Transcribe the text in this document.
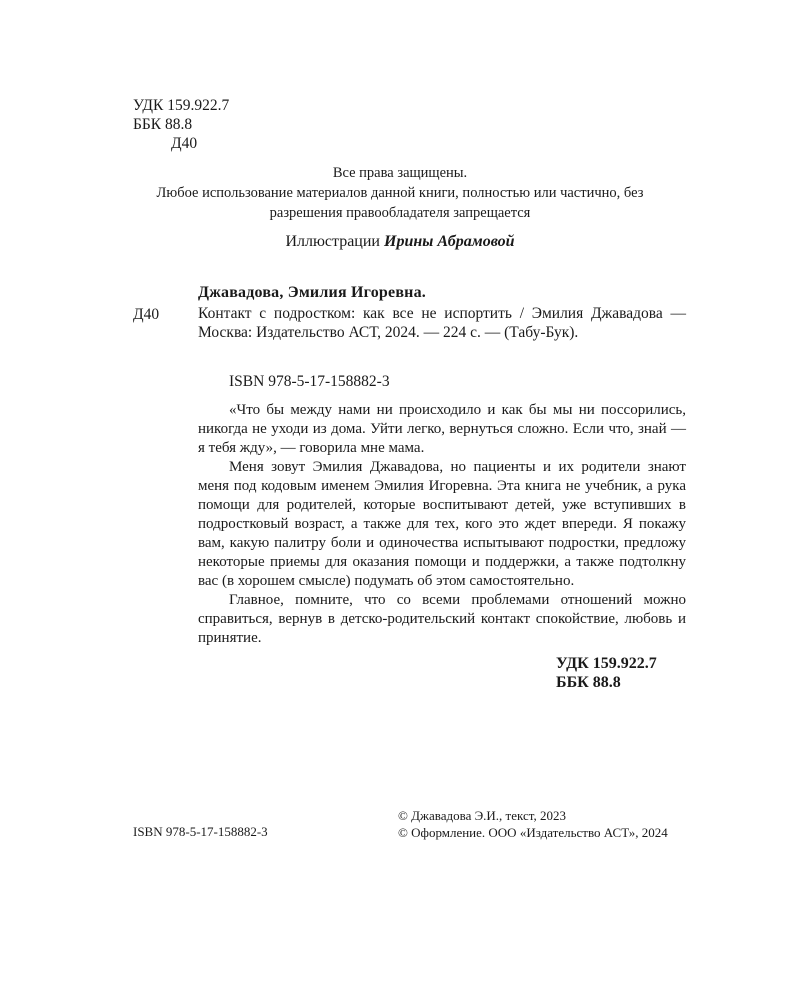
УДК 159.922.7
ББК 88.8
Д40
Все права защищены.
Любое использование материалов данной книги, полностью или частично, без
разрешения правообладателя запрещается
Иллюстрации Ирины Абрамовой
Джавадова, Эмилия Игоревна.
Д40	Контакт с подростком: как все не испортить / Эмилия Джавадова — Москва: Издательство АСТ, 2024. — 224 с. — (Табу-Бук).
ISBN 978-5-17-158882-3

«Что бы между нами ни происходило и как бы мы ни поссорились, никогда не уходи из дома. Уйти легко, вернуться сложно. Если что, знай — я тебя жду», — говорила мне мама.

Меня зовут Эмилия Джавадова, но пациенты и их родители знают меня под кодовым именем Эмилия Игоревна. Эта книга не учебник, а рука помощи для родителей, которые воспитывают детей, уже вступивших в подростковый возраст, а также для тех, кого это ждет впереди. Я покажу вам, какую палитру боли и одиночества испытывают подростки, предложу некоторые приемы для оказания помощи и поддержки, а также подтолкну вас (в хорошем смысле) подумать об этом самостоятельно.

Главное, помните, что со всеми проблемами отношений можно справиться, вернув в детско-родительский контакт спокойствие, любовь и принятие.

УДК 159.922.7
ББК 88.8
ISBN 978-5-17-158882-3
© Джавадова Э.И., текст, 2023
© Оформление. ООО «Издательство АСТ», 2024
